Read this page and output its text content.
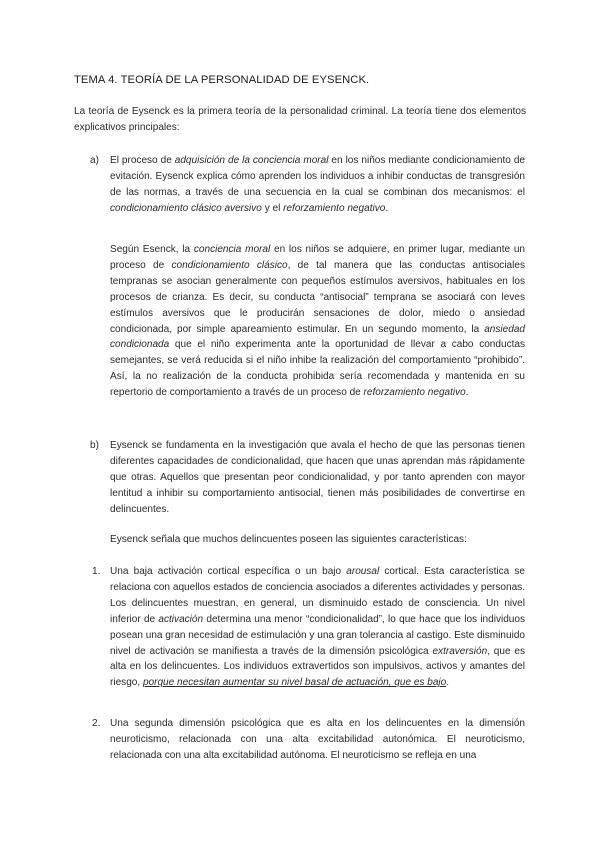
TEMA 4. TEORÍA DE LA PERSONALIDAD DE EYSENCK.

La teoría de Eysenck es la primera teoría de la personalidad criminal. La teoría tiene dos elementos explicativos principales:

a) El proceso de adquisición de la conciencia moral en los niños mediante condicionamiento de evitación. Eysenck explica cómo aprenden los individuos a inhibir conductas de transgresión de las normas, a través de una secuencia en la cual se combinan dos mecanismos: el condicionamiento clásico aversivo y el reforzamiento negativo.

Según Esenck, la conciencia moral en los niños se adquiere, en primer lugar, mediante un proceso de condicionamiento clásico, de tal manera que las conductas antisociales tempranas se asocian generalmente con pequeños estímulos aversivos, habituales en los procesos de crianza. Es decir, su conducta “antisocial” temprana se asociará con leves estímulos aversivos que le producirán sensaciones de dolor, miedo o ansiedad condicionada, por simple apareamiento estimular. En un segundo momento, la ansiedad condicionada que el niño experimenta ante la oportunidad de llevar a cabo conductas semejantes, se verá reducida si el niño inhibe la realización del comportamiento “prohibido”. Así, la no realización de la conducta prohibida sería recomendada y mantenida en su repertorio de comportamiento a través de un proceso de reforzamiento negativo.

b) Eysenck se fundamenta en la investigación que avala el hecho de que las personas tienen diferentes capacidades de condicionalidad, que hacen que unas aprendan más rápidamente que otras. Aquellos que presentan peor condicionalidad, y por tanto aprenden con mayor lentitud a inhibir su comportamiento antisocial, tienen más posibilidades de convertirse en delincuentes.

Eysenck señala que muchos delincuentes poseen las siguientes características:

1. Una baja activación cortical específica o un bajo arousal cortical. Esta característica se relaciona con aquellos estados de conciencia asociados a diferentes actividades y personas. Los delincuentes muestran, en general, un disminuido estado de consciencia. Un nivel inferior de activación determina una menor “condicionalidad”, lo que hace que los individuos posean una gran necesidad de estimulación y una gran tolerancia al castigo. Este disminuido nivel de activación se manifiesta a través de la dimensión psicológica extraversión, que es alta en los delincuentes. Los individuos extravertidos son impulsivos, activos y amantes del riesgo, porque necesitan aumentar su nivel basal de actuación, que es bajo.

2. Una segunda dimensión psicológica que es alta en los delincuentes en la dimensión neuroticismo, relacionada con una alta excitabilidad autonómica. El neuroticismo, relacionada con una alta excitabilidad autónoma. El neuroticismo se refleja en una
